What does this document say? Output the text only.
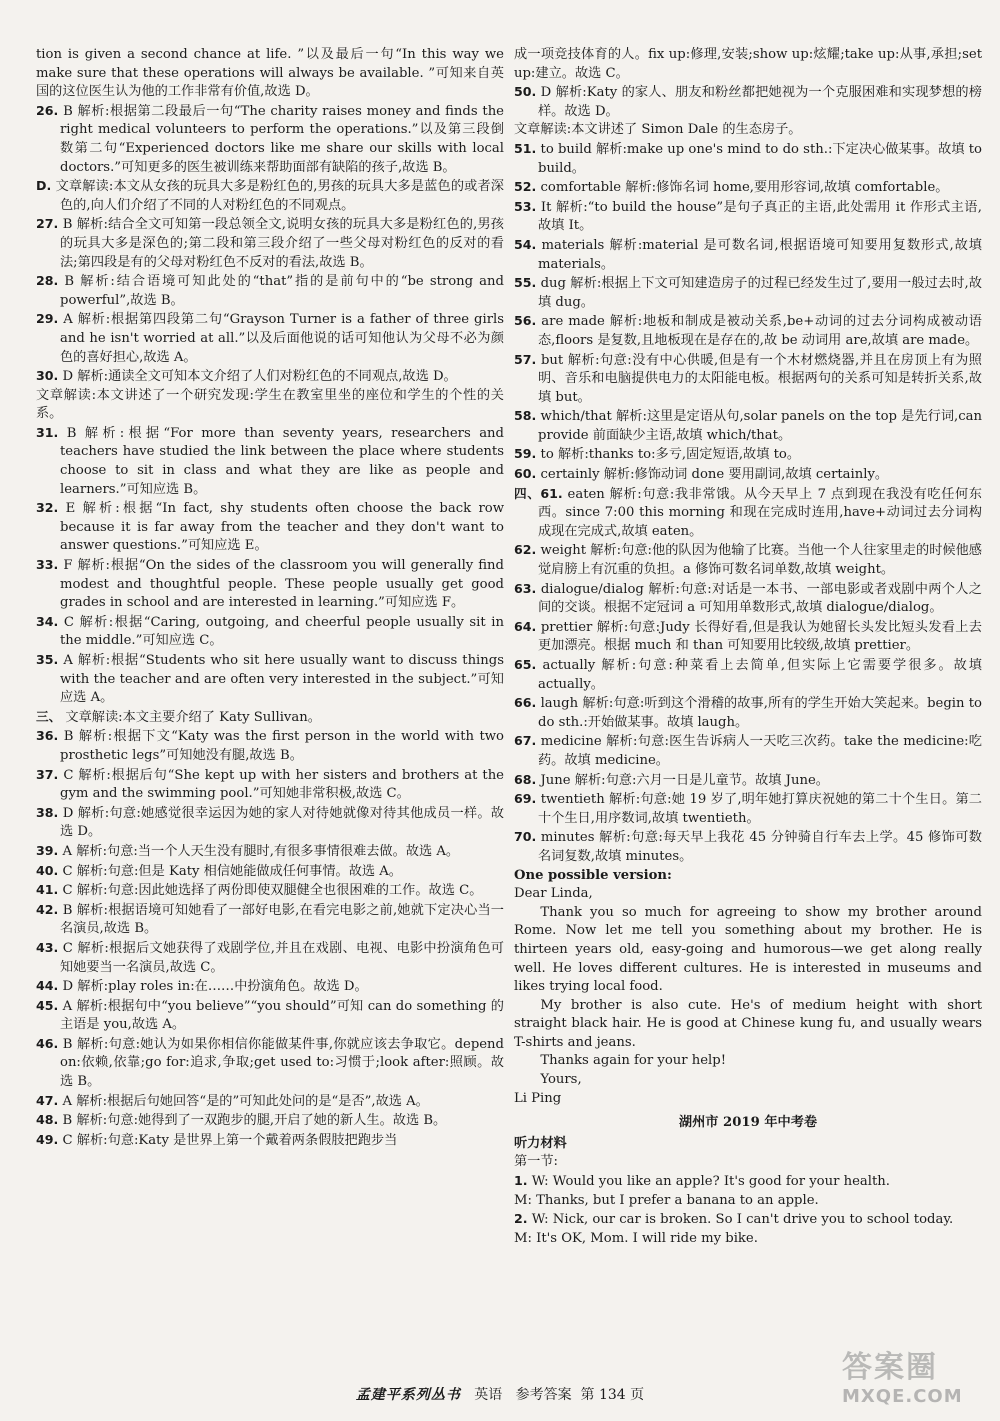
tion is given a second chance at life. ”以及最后一句“In this way we make sure that these operations will always be available. ”可知来自英国的这位医生认为他的工作非常有价值,故选 D。

26. B 解析:根据第二段最后一句“The charity raises money and finds the right medical volunteers to perform the operations.”以及第三段倒数第二句“Experienced doctors like me share our skills with local doctors.”可知更多的医生被训练来帮助面部有缺陷的孩子,故选 B。

D. 文章解读:本文从女孩的玩具大多是粉红色的,男孩的玩具大多是蓝色的或者深色的,向人们介绍了不同的人对粉红色的不同观点。

27. B 解析:结合全文可知第一段总领全文,说明女孩的玩具大多是粉红色的,男孩的玩具大多是深色的;第二段和第三段介绍了一些父母对粉红色的反对的看法;第四段是有的父母对粉红色不反对的看法,故选 B。

28. B 解析:结合语境可知此处的“that”指的是前句中的“be strong and powerful”,故选 B。

29. A 解析:根据第四段第二句“Grayson Turner is a father of three girls and he isn't worried at all.”以及后面他说的话可知他认为父母不必为颜色的喜好担心,故选 A。

30. D 解析:通读全文可知本文介绍了人们对粉红色的不同观点,故选 D。

文章解读:本文讲述了一个研究发现:学生在教室里坐的座位和学生的个性的关系。

31. B 解析:根据“For more than seventy years, researchers and teachers have studied the link between the place where students choose to sit in class and what they are like as people and learners.”可知应选 B。

32. E 解析:根据“In fact, shy students often choose the back row because it is far away from the teacher and they don't want to answer questions.”可知应选 E。

33. F 解析:根据“On the sides of the classroom you will generally find modest and thoughtful people. These people usually get good grades in school and are interested in learning.”可知应选 F。

34. C 解析:根据“Caring, outgoing, and cheerful people usually sit in the middle.”可知应选 C。

35. A 解析:根据“Students who sit here usually want to discuss things with the teacher and are often very interested in the subject.”可知应选 A。

三、 文章解读:本文主要介绍了 Katy Sullivan。

36. B 解析:根据下文“Katy was the first person in the world with two prosthetic legs”可知她没有腿,故选 B。

37. C 解析:根据后句“She kept up with her sisters and brothers at the gym and the swimming pool.”可知她非常积极,故选 C。

38. D 解析:句意:她感觉很幸运因为她的家人对待她就像对待其他成员一样。故选 D。

39. A 解析:句意:当一个人天生没有腿时,有很多事情很难去做。故选 A。

40. C 解析:句意:但是 Katy 相信她能做成任何事情。故选 A。

41. C 解析:句意:因此她选择了两份即使双腿健全也很困难的工作。故选 C。

42. B 解析:根据语境可知她看了一部好电影,在看完电影之前,她就下定决心当一名演员,故选 B。

43. C 解析:根据后文她获得了戏剧学位,并且在戏剧、电视、电影中扮演角色可知她要当一名演员,故选 C。

44. D 解析:play roles in:在……中扮演角色。故选 D。

45. A 解析:根据句中“you believe”“you should”可知 can do something 的主语是 you,故选 A。

46. B 解析:句意:她认为如果你相信你能做某件事,你就应该去争取它。depend on:依赖,依靠;go for:追求,争取;get used to:习惯于;look after:照顾。故选 B。

47. A 解析:根据后句她回答“是的”可知此处问的是“是否”,故选 A。

48. B 解析:句意:她得到了一双跑步的腿,开启了她的新人生。故选 B。

49. C 解析:句意:Katy 是世界上第一个戴着两条假肢把跑步当

成一项竞技体育的人。fix up:修理,安装;show up:炫耀;take up:从事,承担;set up:建立。故选 C。

50. D 解析:Katy 的家人、朋友和粉丝都把她视为一个克服困难和实现梦想的榜样。故选 D。

文章解读:本文讲述了 Simon Dale 的生态房子。

51. to build 解析:make up one's mind to do sth.:下定决心做某事。故填 to build。

52. comfortable 解析:修饰名词 home,要用形容词,故填 comfortable。

53. It 解析:“to build the house”是句子真正的主语,此处需用 it 作形式主语,故填 It。

54. materials 解析:material 是可数名词,根据语境可知要用复数形式,故填 materials。

55. dug 解析:根据上下文可知建造房子的过程已经发生过了,要用一般过去时,故填 dug。

56. are made 解析:地板和制成是被动关系,be+动词的过去分词构成被动语态,floors 是复数,且地板现在是存在的,故 be 动词用 are,故填 are made。

57. but 解析:句意:没有中心供暖,但是有一个木材燃烧器,并且在房顶上有为照明、音乐和电脑提供电力的太阳能电板。根据两句的关系可知是转折关系,故填 but。

58. which/that 解析:这里是定语从句,solar panels on the top 是先行词,can provide 前面缺少主语,故填 which/that。

59. to 解析:thanks to:多亏,固定短语,故填 to。

60. certainly 解析:修饰动词 done 要用副词,故填 certainly。

四、61. eaten 解析:句意:我非常饿。从今天早上 7 点到现在我没有吃任何东西。since 7:00 this morning 和现在完成时连用,have+动词过去分词构成现在完成式,故填 eaten。

62. weight 解析:句意:他的队因为他输了比赛。当他一个人往家里走的时候他感觉肩膀上有沉重的负担。a 修饰可数名词单数,故填 weight。

63. dialogue/dialog 解析:句意:对话是一本书、一部电影或者戏剧中两个人之间的交谈。根据不定冠词 a 可知用单数形式,故填 dialogue/dialog。

64. prettier 解析:句意:Judy 长得好看,但是我认为她留长头发比短头发看上去更加漂亮。根据 much 和 than 可知要用比较级,故填 prettier。

65. actually 解析:句意:种菜看上去简单,但实际上它需要学很多。故填 actually。

66. laugh 解析:句意:听到这个滑稽的故事,所有的学生开始大笑起来。begin to do sth.:开始做某事。故填 laugh。

67. medicine 解析:句意:医生告诉病人一天吃三次药。take the medicine:吃药。故填 medicine。

68. June 解析:句意:六月一日是儿童节。故填 June。

69. twentieth 解析:句意:她 19 岁了,明年她打算庆祝她的第二十个生日。第二十个生日,用序数词,故填 twentieth。

70. minutes 解析:句意:每天早上我花 45 分钟骑自行车去上学。45 修饰可数名词复数,故填 minutes。

One possible version:

Dear Linda,

Thank you so much for agreeing to show my brother around Rome. Now let me tell you something about my brother. He is thirteen years old, easy-going and humorous—we get along really well. He loves different cultures. He is interested in museums and likes trying local food.

My brother is also cute. He's of medium height with short straight black hair. He is good at Chinese kung fu, and usually wears T-shirts and jeans.

Thanks again for your help!

Yours,

Li Ping

湖州市 2019 年中考卷

听力材料

第一节:

1. W: Would you like an apple? It's good for your health.

M: Thanks, but I prefer a banana to an apple.

2. W: Nick, our car is broken. So I can't drive you to school today.

M: It's OK, Mom. I will ride my bike.

孟建平系列丛书 英语 参考答案 第 134 页
答案圈
MXQE.COM
